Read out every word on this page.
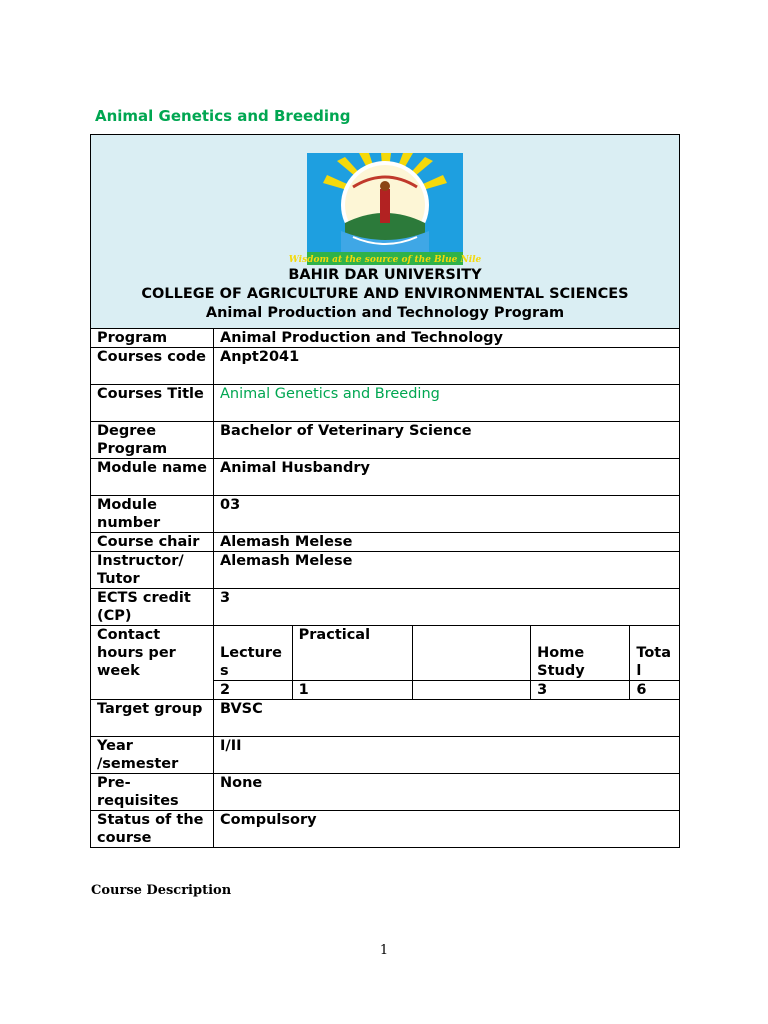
Animal Genetics and Breeding
Wisdom at the source of the Blue Nile
BAHIR DAR UNIVERSITY
COLLEGE OF AGRICULTURE AND ENVIRONMENTAL SCIENCES
Animal Production and Technology Program

Program	Animal Production and Technology
Courses code	Anpt2041
Courses Title	Animal Genetics and Breeding
Degree Program	Bachelor of Veterinary Science
Module name	Animal Husbandry
Module number	03
Course chair	Alemash Melese
Instructor/ Tutor	Alemash Melese
ECTS credit (CP)	3
Contact hours per week	
Lectures	Practical		Home Study	Total
2	1		3	6

Target group	BVSC
Year /semester	I/II
Pre-requisites	None
Status of the course	Compulsory
Course Description
1
